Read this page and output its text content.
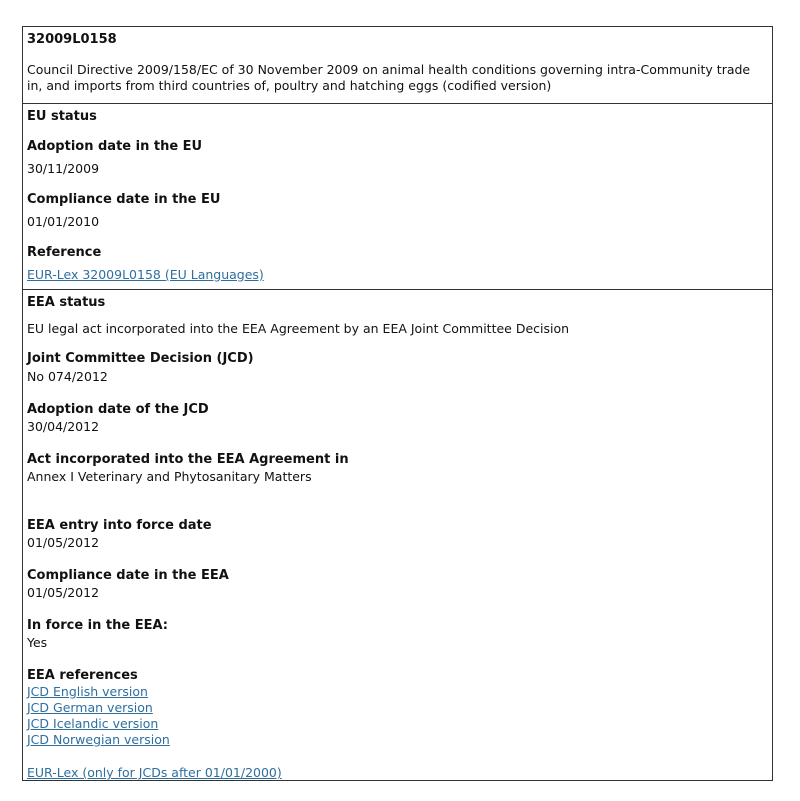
32009L0158
Council Directive 2009/158/EC of 30 November 2009 on animal health conditions governing intra-Community trade in, and imports from third countries of, poultry and hatching eggs (codified version)
EU status
Adoption date in the EU
30/11/2009
Compliance date in the EU
01/01/2010
Reference
EUR-Lex 32009L0158 (EU Languages)
EEA status
EU legal act incorporated into the EEA Agreement by an EEA Joint Committee Decision
Joint Committee Decision (JCD)
No 074/2012
Adoption date of the JCD
30/04/2012
Act incorporated into the EEA Agreement in
Annex I Veterinary and Phytosanitary Matters
EEA entry into force date
01/05/2012
Compliance date in the EEA
01/05/2012
In force in the EEA:
Yes
EEA references
JCD English version
JCD German version
JCD Icelandic version
JCD Norwegian version
EUR-Lex (only for JCDs after 01/01/2000)
